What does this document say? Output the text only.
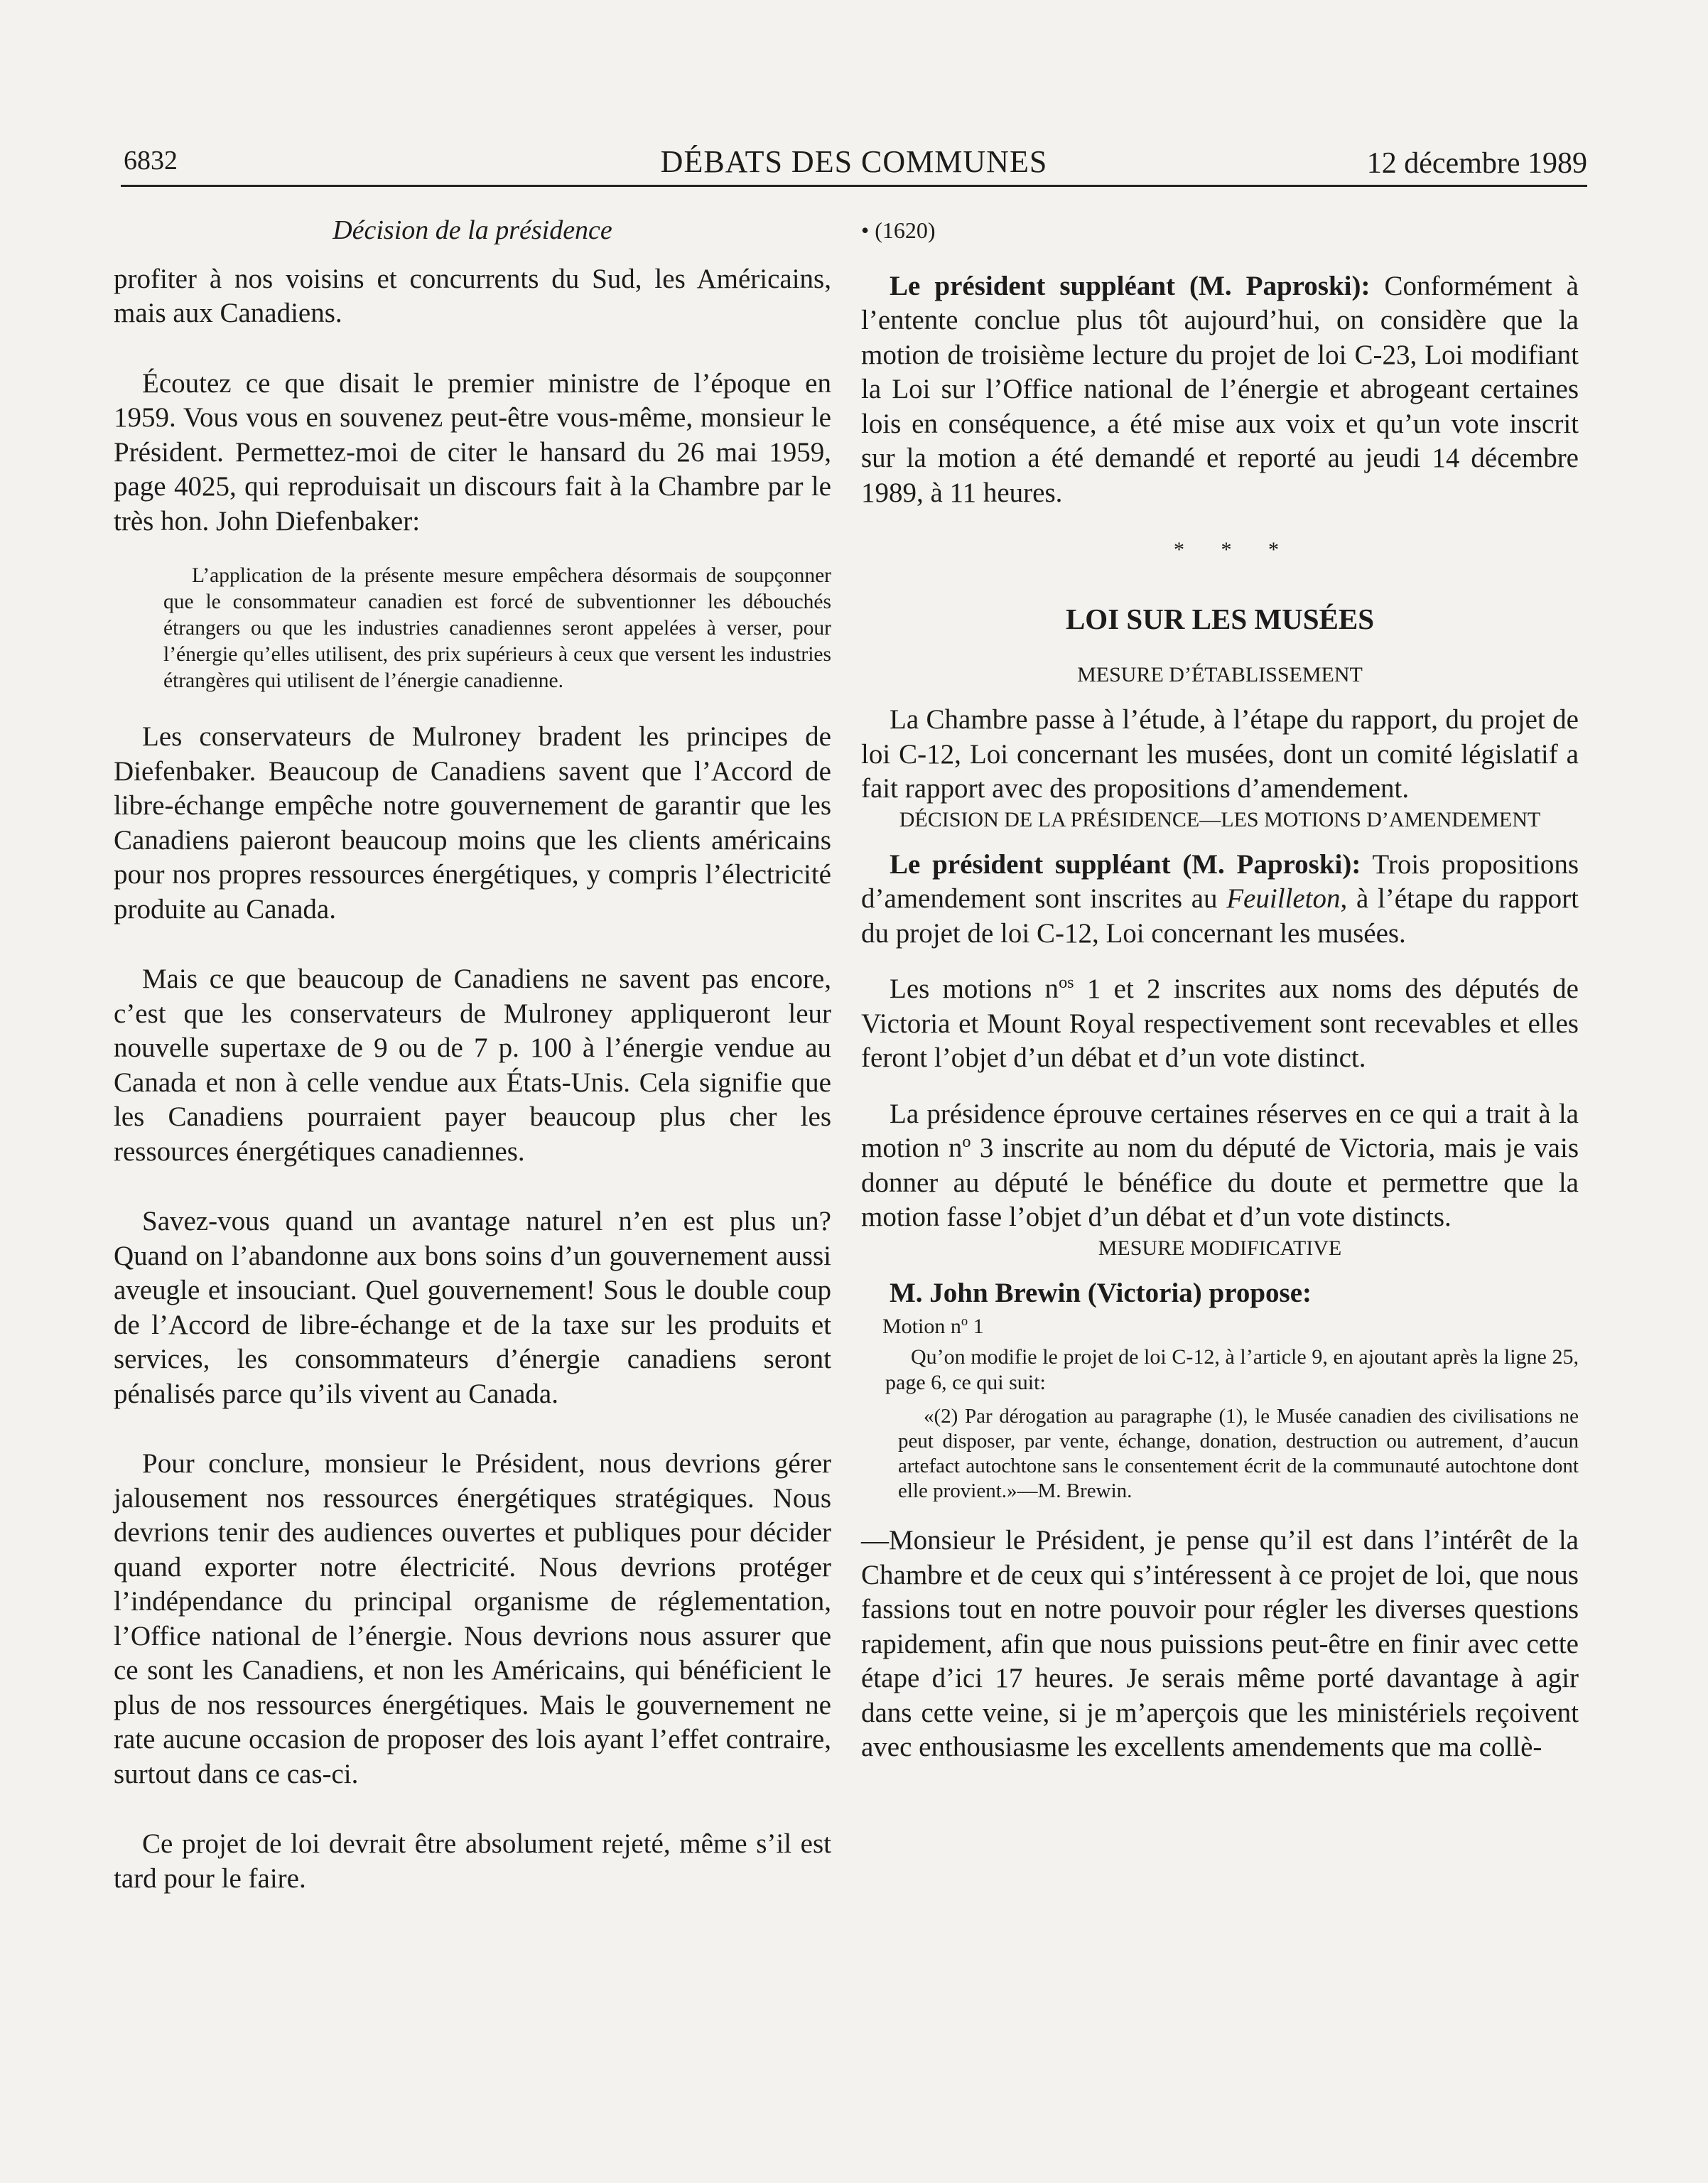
6832	DÉBATS DES COMMUNES	12 décembre 1989

Décision de la présidence

profiter à nos voisins et concurrents du Sud, les Américains, mais aux Canadiens.

Écoutez ce que disait le premier ministre de l’époque en 1959. Vous vous en souvenez peut-être vous-même, monsieur le Président. Permettez-moi de citer le hansard du 26 mai 1959, page 4025, qui reproduisait un discours fait à la Chambre par le très hon. John Diefenbaker:

L’application de la présente mesure empêchera désormais de soupçonner que le consommateur canadien est forcé de subventionner les débouchés étrangers ou que les industries canadiennes seront appelées à verser, pour l’énergie qu’elles utilisent, des prix supérieurs à ceux que versent les industries étrangères qui utilisent de l’énergie canadienne.

Les conservateurs de Mulroney bradent les principes de Diefenbaker. Beaucoup de Canadiens savent que l’Accord de libre-échange empêche notre gouvernement de garantir que les Canadiens paieront beaucoup moins que les clients américains pour nos propres ressources énergétiques, y compris l’électricité produite au Canada.

Mais ce que beaucoup de Canadiens ne savent pas encore, c’est que les conservateurs de Mulroney appliqueront leur nouvelle supertaxe de 9 ou de 7 p. 100 à l’énergie vendue au Canada et non à celle vendue aux États-Unis. Cela signifie que les Canadiens pourraient payer beaucoup plus cher les ressources énergétiques canadiennes.

Savez-vous quand un avantage naturel n’en est plus un? Quand on l’abandonne aux bons soins d’un gouvernement aussi aveugle et insouciant. Quel gouvernement! Sous le double coup de l’Accord de libre-échange et de la taxe sur les produits et services, les consommateurs d’énergie canadiens seront pénalisés parce qu’ils vivent au Canada.

Pour conclure, monsieur le Président, nous devrions gérer jalousement nos ressources énergétiques stratégiques. Nous devrions tenir des audiences ouvertes et publiques pour décider quand exporter notre électricité. Nous devrions protéger l’indépendance du principal organisme de réglementation, l’Office national de l’énergie. Nous devrions nous assurer que ce sont les Canadiens, et non les Américains, qui bénéficient le plus de nos ressources énergétiques. Mais le gouvernement ne rate aucune occasion de proposer des lois ayant l’effet contraire, surtout dans ce cas-ci.

Ce projet de loi devrait être absolument rejeté, même s’il est tard pour le faire.

• (1620)

Le président suppléant (M. Paproski): Conformément à l’entente conclue plus tôt aujourd’hui, on considère que la motion de troisième lecture du projet de loi C-23, Loi modifiant la Loi sur l’Office national de l’énergie et abrogeant certaines lois en conséquence, a été mise aux voix et qu’un vote inscrit sur la motion a été demandé et reporté au jeudi 14 décembre 1989, à 11 heures.

* * *

LOI SUR LES MUSÉES

MESURE D’ÉTABLISSEMENT

La Chambre passe à l’étude, à l’étape du rapport, du projet de loi C-12, Loi concernant les musées, dont un comité législatif a fait rapport avec des propositions d’amendement.

DÉCISION DE LA PRÉSIDENCE—LES MOTIONS D’AMENDEMENT

Le président suppléant (M. Paproski): Trois propositions d’amendement sont inscrites au Feuilleton, à l’étape du rapport du projet de loi C-12, Loi concernant les musées.

Les motions $n^{os}$ 1 et 2 inscrites aux noms des députés de Victoria et Mount Royal respectivement sont recevables et elles feront l’objet d’un débat et d’un vote distinct.

La présidence éprouve certaines réserves en ce qui a trait à la motion $n^o$ 3 inscrite au nom du député de Victoria, mais je vais donner au député le bénéfice du doute et permettre que la motion fasse l’objet d’un débat et d’un vote distincts.

MESURE MODIFICATIVE

M. John Brewin (Victoria) propose:

Motion $n^o$ 1

Qu’on modifie le projet de loi C-12, à l’article 9, en ajoutant après la ligne 25, page 6, ce qui suit:

«(2) Par dérogation au paragraphe (1), le Musée canadien des civilisations ne peut disposer, par vente, échange, donation, destruction ou autrement, d’aucun artefact autochtone sans le consentement écrit de la communauté autochtone dont elle provient.»—M. Brewin.

—Monsieur le Président, je pense qu’il est dans l’intérêt de la Chambre et de ceux qui s’intéressent à ce projet de loi, que nous fassions tout en notre pouvoir pour régler les diverses questions rapidement, afin que nous puissions peut-être en finir avec cette étape d’ici 17 heures. Je serais même porté davantage à agir dans cette veine, si je m’aperçois que les ministériels reçoivent avec enthousiasme les excellents amendements que ma collè-
